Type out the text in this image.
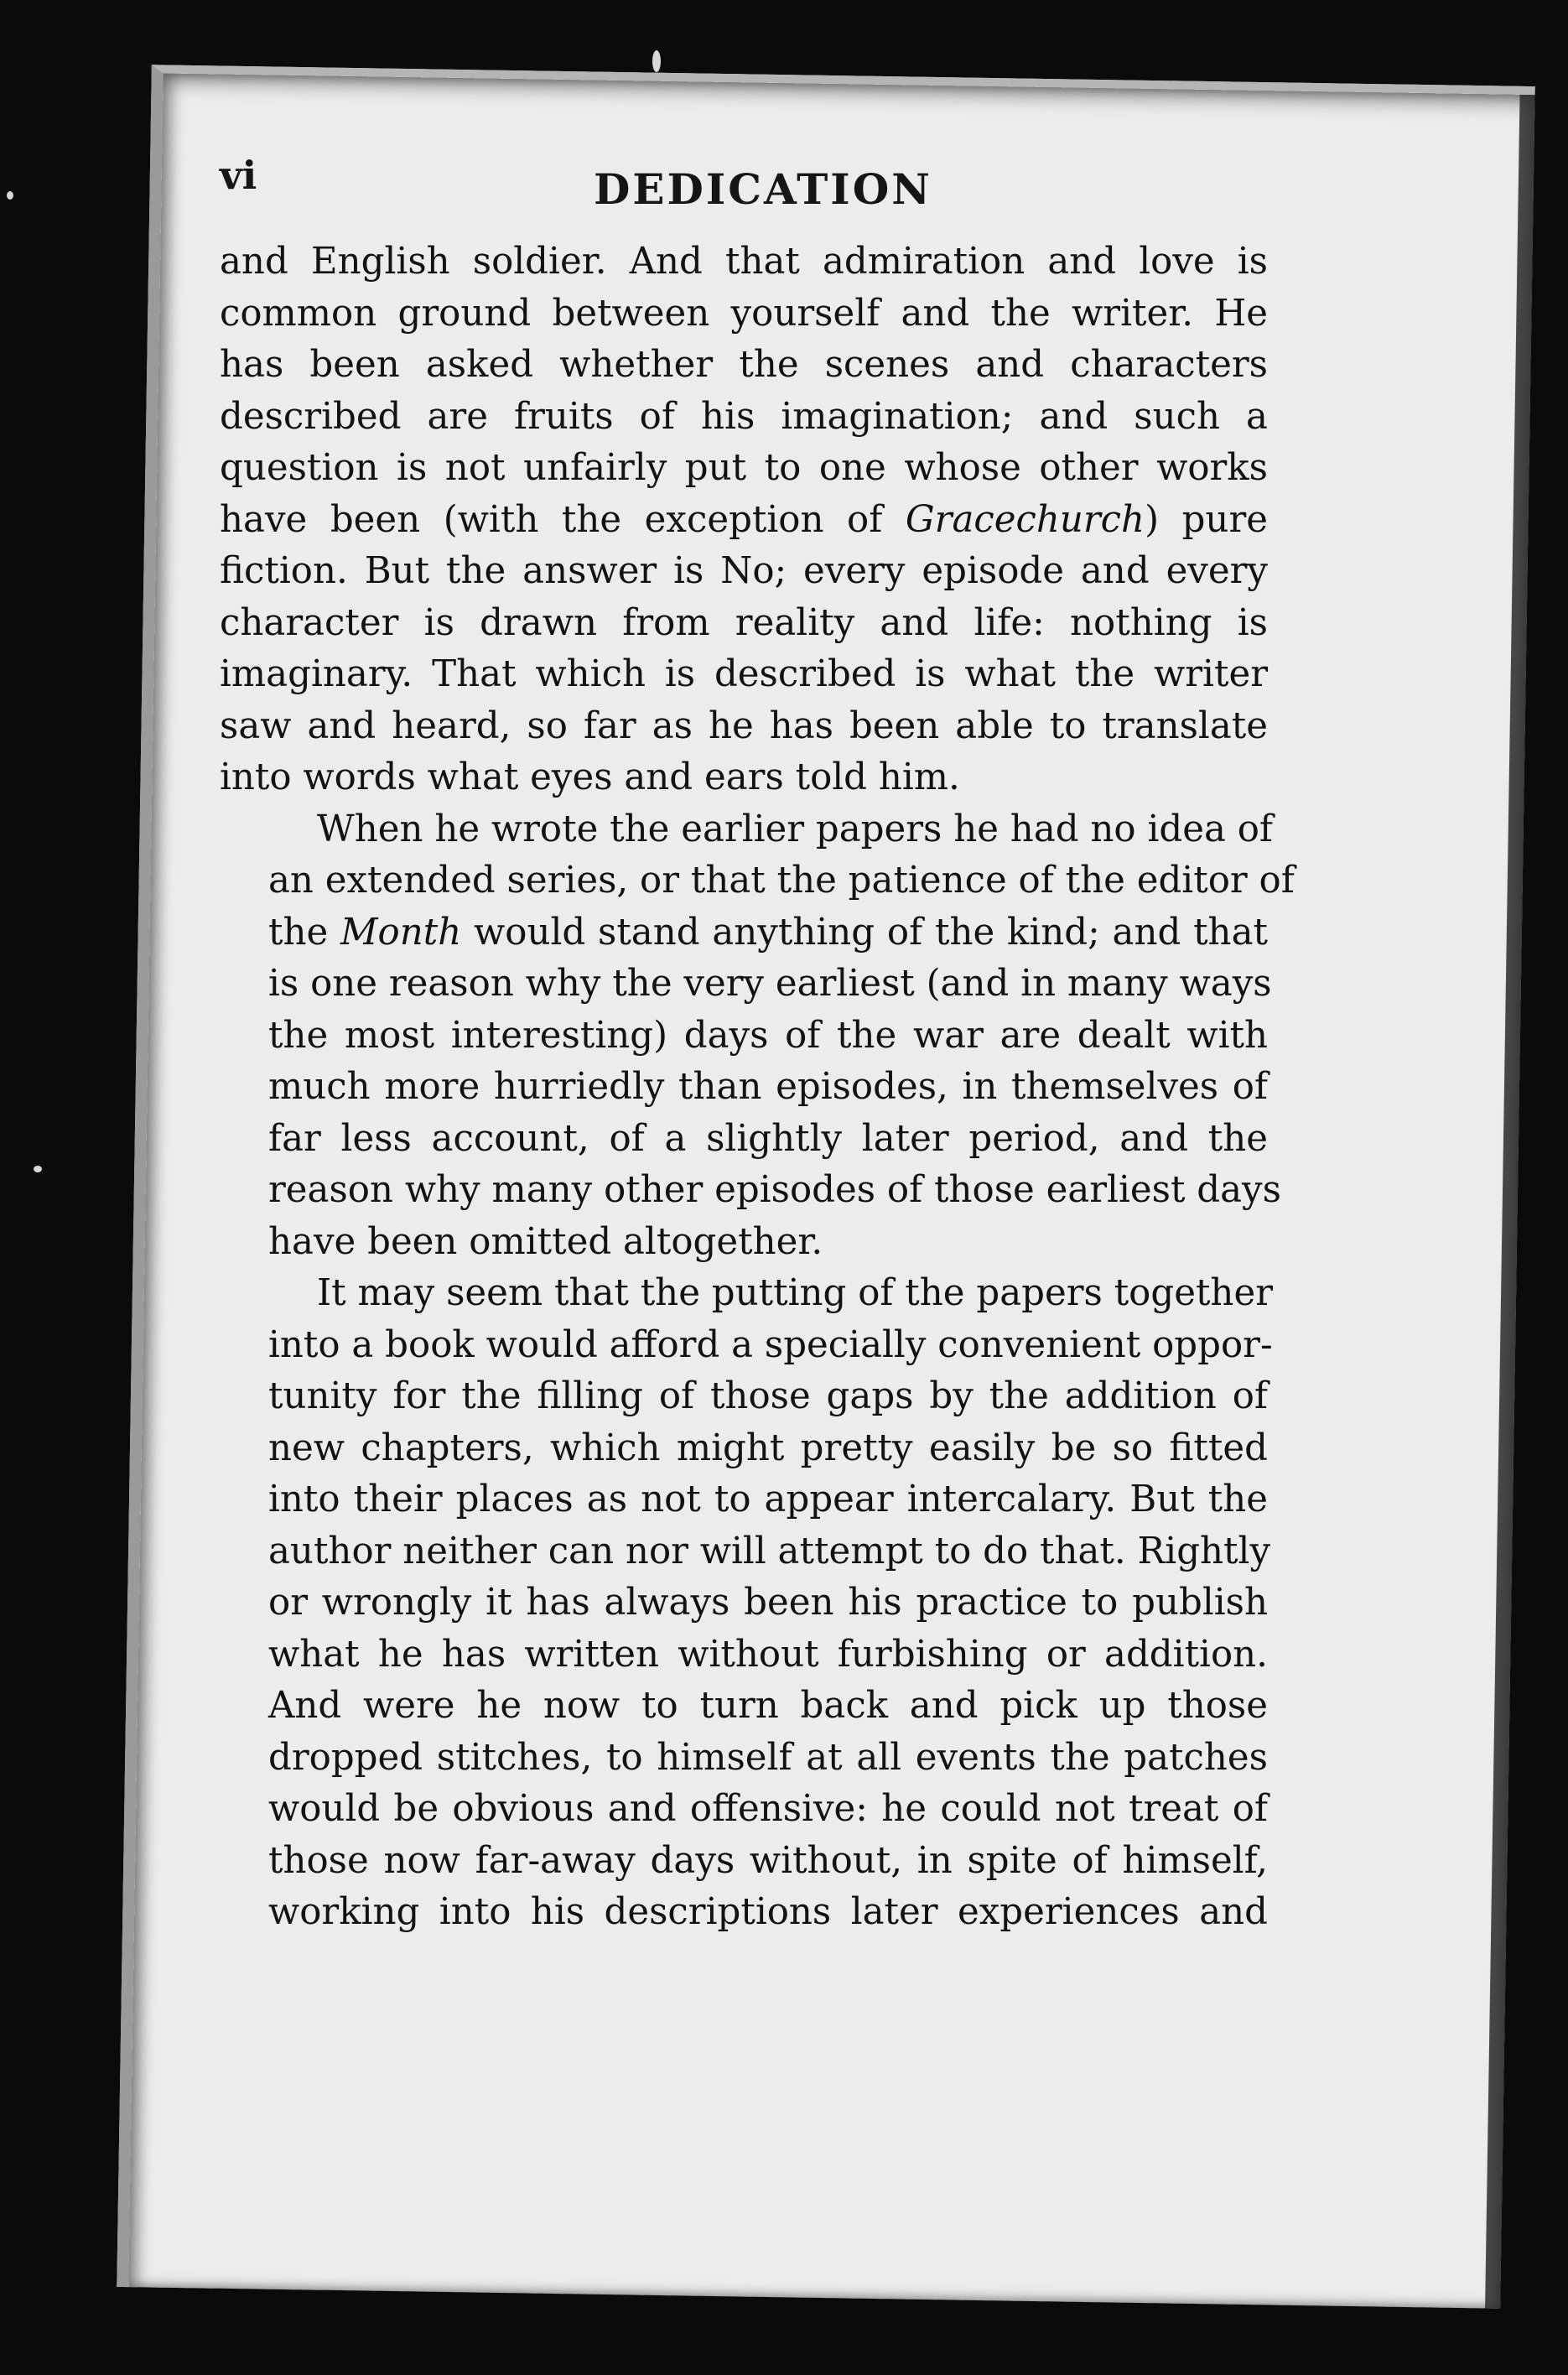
vi	DEDICATION

and English soldier. And that admiration and love is
common ground between yourself and the writer. He
has been asked whether the scenes and characters
described are fruits of his imagination; and such a
question is not unfairly put to one whose other works
have been (with the exception of Gracechurch) pure
fiction. But the answer is No; every episode and every
character is drawn from reality and life: nothing is
imaginary. That which is described is what the writer
saw and heard, so far as he has been able to translate
into words what eyes and ears told him.

When he wrote the earlier papers he had no idea of
an extended series, or that the patience of the editor of
the Month would stand anything of the kind; and that
is one reason why the very earliest (and in many ways
the most interesting) days of the war are dealt with
much more hurriedly than episodes, in themselves of
far less account, of a slightly later period, and the
reason why many other episodes of those earliest days
have been omitted altogether.

It may seem that the putting of the papers together
into a book would afford a specially convenient oppor-
tunity for the filling of those gaps by the addition of
new chapters, which might pretty easily be so fitted
into their places as not to appear intercalary. But the
author neither can nor will attempt to do that. Rightly
or wrongly it has always been his practice to publish
what he has written without furbishing or addition.
And were he now to turn back and pick up those
dropped stitches, to himself at all events the patches
would be obvious and offensive: he could not treat of
those now far-away days without, in spite of himself,
working into his descriptions later experiences and
